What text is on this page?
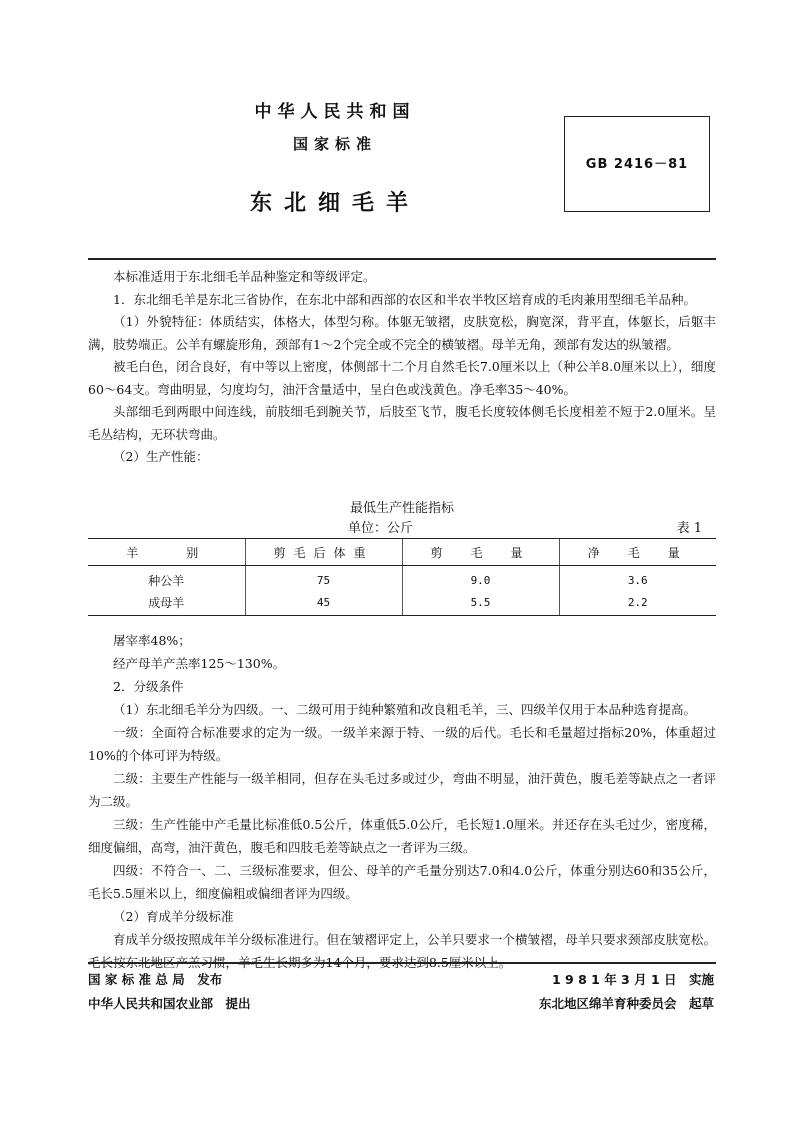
中华人民共和国
国家标准
东北细毛羊
GB 2416－81

本标准适用于东北细毛羊品种鉴定和等级评定。

1．东北细毛羊是东北三省协作，在东北中部和西部的农区和半农半牧区培育成的毛肉兼用型细毛羊品种。

（1）外貌特征：体质结实，体格大，体型匀称。体躯无皱褶，皮肤宽松，胸宽深，背平直，体躯长，后躯丰满，肢势端正。公羊有螺旋形角，颈部有1～2个完全或不完全的横皱褶。母羊无角，颈部有发达的纵皱褶。

被毛白色，闭合良好，有中等以上密度，体侧部十二个月自然毛长7.0厘米以上（种公羊8.0厘米以上），细度60～64支。弯曲明显，匀度均匀，油汗含量适中，呈白色或浅黄色。净毛率35～40%。

头部细毛到两眼中间连线，前肢细毛到腕关节，后肢至飞节，腹毛长度较体侧毛长度相差不短于2.0厘米。呈毛丛结构，无环状弯曲。

（2）生产性能：

最低生产性能指标
单位：公斤	表 1
羊　　别	剪毛后体重	剪　毛　量	净　毛　量
种公羊	75	9.0	3.6
成母羊	45	5.5	2.2

屠宰率48%；

经产母羊产羔率125～130%。

2．分级条件

（1）东北细毛羊分为四级。一、二级可用于纯种繁殖和改良粗毛羊，三、四级羊仅用于本品种选育提高。

一级：全面符合标准要求的定为一级。一级羊来源于特、一级的后代。毛长和毛量超过指标20%，体重超过10%的个体可评为特级。

二级：主要生产性能与一级羊相同，但存在头毛过多或过少，弯曲不明显，油汗黄色，腹毛差等缺点之一者评为二级。

三级：生产性能中产毛量比标准低0.5公斤，体重低5.0公斤，毛长短1.0厘米。并还存在头毛过少，密度稀，细度偏细，高弯，油汗黄色，腹毛和四肢毛差等缺点之一者评为三级。

四级：不符合一、二、三级标准要求，但公、母羊的产毛量分别达7.0和4.0公斤，体重分别达60和35公斤，毛长5.5厘米以上，细度偏粗或偏细者评为四级。

（2）育成羊分级标准

育成羊分级按照成年羊分级标准进行。但在皱褶评定上，公羊只要求一个横皱褶，母羊只要求颈部皮肤宽松。毛长按东北地区产羔习惯，羊毛生长期多为14个月，要求达到8.5厘米以上。

国 家 标 准 总 局　发布
中华人民共和国农业部　提出
1 9 8 1 年 3 月 1 日　实施
东北地区绵羊育种委员会　起草
